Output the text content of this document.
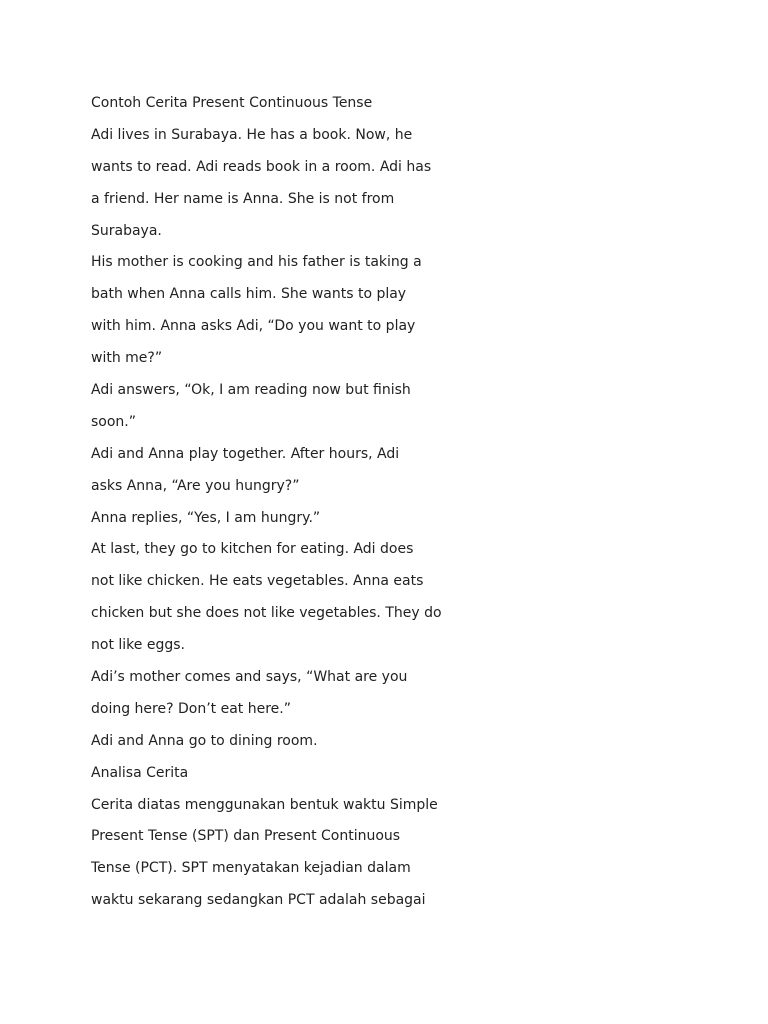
Contoh Cerita Present Continuous Tense
Adi lives in Surabaya. He has a book. Now, he
wants to read. Adi reads book in a room. Adi has
a friend. Her name is Anna. She is not from
Surabaya.
His mother is cooking and his father is taking a
bath when Anna calls him. She wants to play
with him. Anna asks Adi, “Do you want to play
with me?”
Adi answers, “Ok, I am reading now but finish
soon.”
Adi and Anna play together. After hours, Adi
asks Anna, “Are you hungry?”
Anna replies, “Yes, I am hungry.”
At last, they go to kitchen for eating. Adi does
not like chicken. He eats vegetables. Anna eats
chicken but she does not like vegetables. They do
not like eggs.
Adi’s mother comes and says, “What are you
doing here? Don’t eat here.”
Adi and Anna go to dining room.
Analisa Cerita
Cerita diatas menggunakan bentuk waktu Simple
Present Tense (SPT) dan Present Continuous
Tense (PCT). SPT menyatakan kejadian dalam
waktu sekarang sedangkan PCT adalah sebagai
